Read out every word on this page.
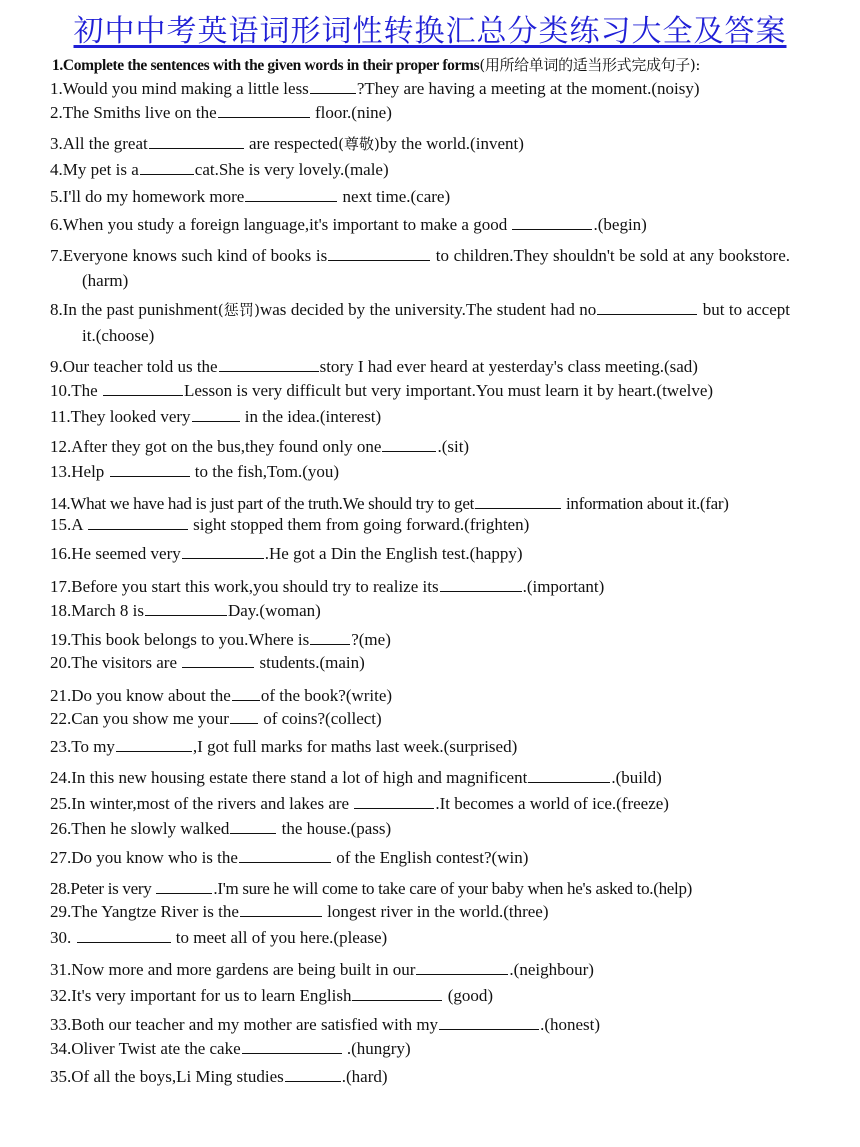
初中中考英语词形词性转换汇总分类练习大全及答案
1.Complete the sentences with the given words in their proper forms(用所给单词的适当形式完成句子):
1.Would you mind making a little less	?They are having a meeting at the moment.(noisy)
2.The Smiths live on the	floor.(nine)
3.All the great	are respected(尊敬)by the world.(invent)
4.My pet is a	cat.She is very lovely.(male)
5.I'll do my homework more	next time.(care)
6.When you study a foreign language,it's important to make a good	.(begin)
7.Everyone knows such kind of books is	to children.They shouldn't be sold at any bookstore.(harm)
8.In the past punishment(惩罚)was decided by the university.The student had no	but to accept it.(choose)
9.Our teacher told us the	story I had ever heard at yesterday's class meeting.(sad)
10.The	Lesson is very difficult but very important.You must learn it by heart.(twelve)
11.They looked very	in the idea.(interest)
12.After they got on the bus,they found only one	.(sit)
13.Help	to the fish,Tom.(you)
14.What we have had is just part of the truth.We should try to get	information about it.(far)
15.A	sight stopped them from going forward.(frighten)
16.He seemed very	.He got a Din the English test.(happy)
17.Before you start this work,you should try to realize its	.(important)
18.March 8 is	Day.(woman)
19.This book belongs to you.Where is ?(me)
20.The visitors are	students.(main)
21.Do you know about the of the book?(write)
22.Can you show me your of coins?(collect)
23.To my	,I got full marks for maths last week.(surprised)
24.In this new housing estate there stand a lot of high and magnificent	.(build)
25.In winter,most of the rivers and lakes are	.It becomes a world of ice.(freeze)
26.Then he slowly walked	the house.(pass)
27.Do you know who is the	of the English contest?(win)
28.Peter is very	.I'm sure he will come to take care of your baby when he's asked to.(help)
29.The Yangtze River is the	longest river in the world.(three)
30.	to meet all of you here.(please)
31.Now more and more gardens are being built in our	.(neighbour)
32.It's very important for us to learn English	(good)
33.Both our teacher and my mother are satisfied with my	.(honest)
34.Oliver Twist ate the cake	.(hungry)
35.Of all the boys,Li Ming studies	.(hard)
